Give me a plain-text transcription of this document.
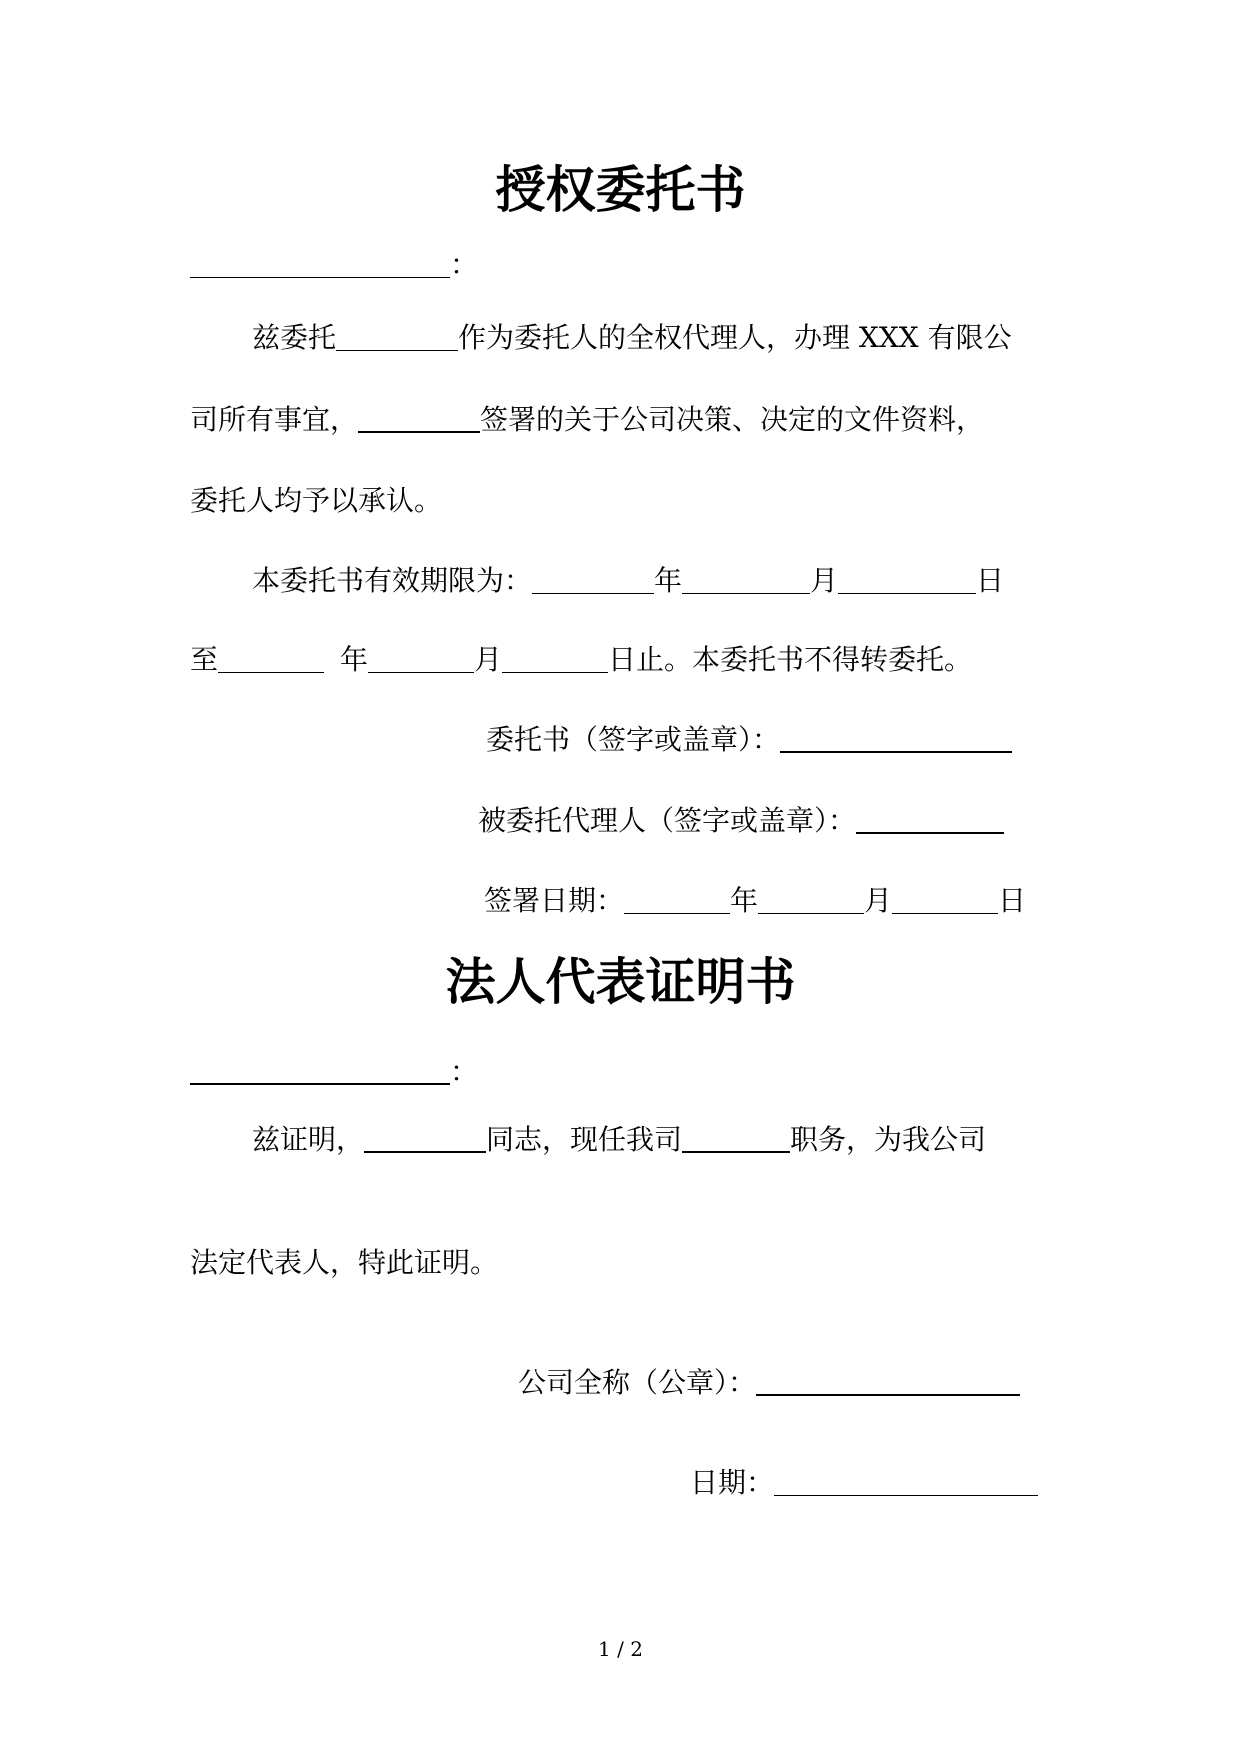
授权委托书
：
兹委托	作为委托人的全权代理人，办理 XXX 有限公
司所有事宜，	签署的关于公司决策、决定的文件资料，
委托人均予以承认。
本委托书有效期限为：	年	月	日
至	年	月	日止。本委托书不得转委托。
委托书（签字或盖章）：
被委托代理人（签字或盖章）：
签署日期：	年	月	日
法人代表证明书
：
兹证明，	同志，现任我司	职务，为我公司
法定代表人，特此证明。
公司全称（公章）：
日期：
1 / 2
